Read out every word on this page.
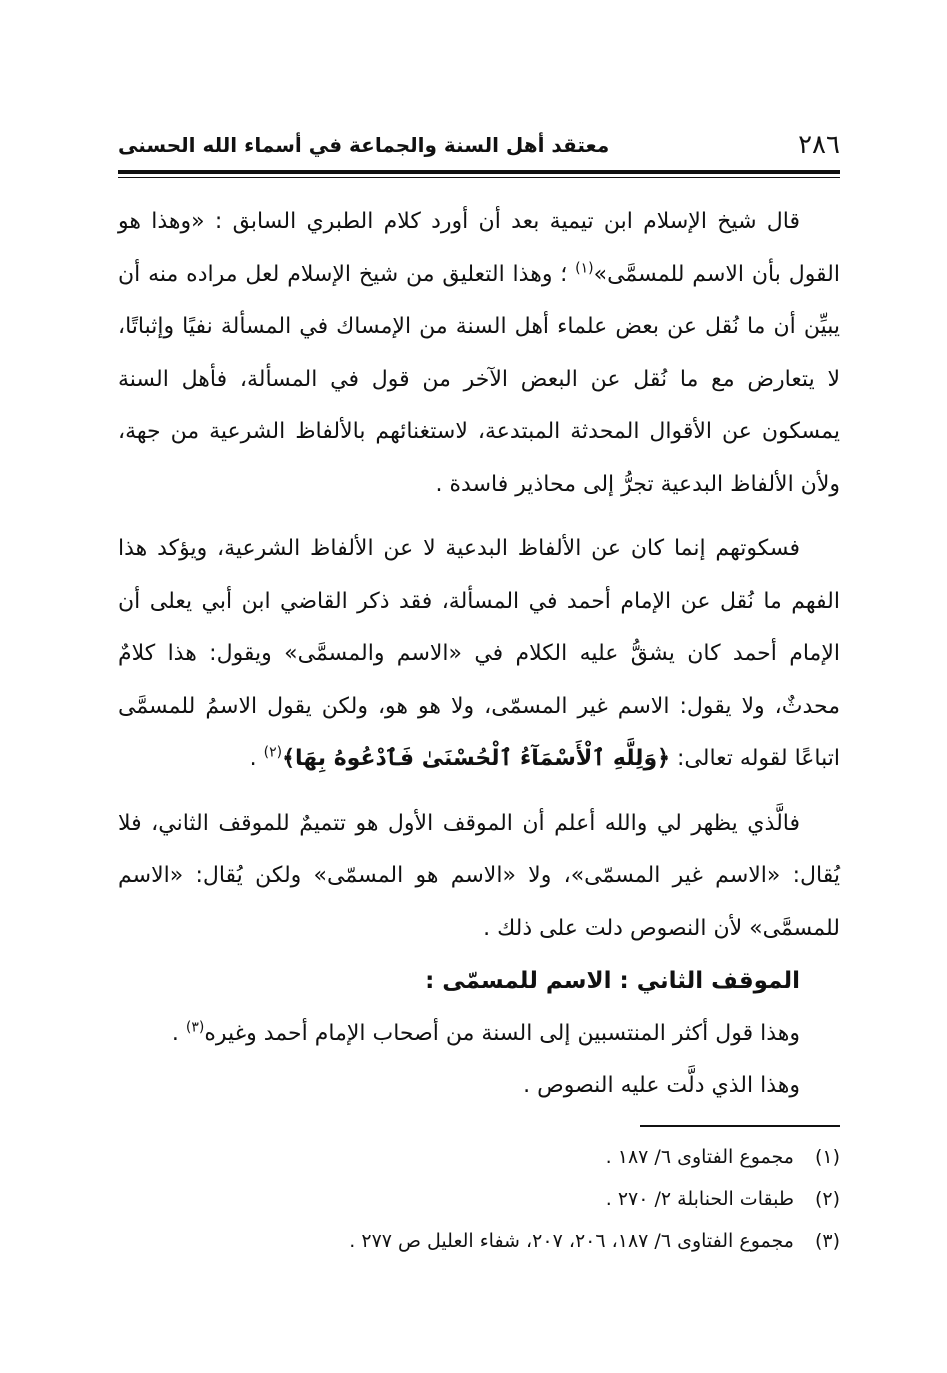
٢٨٦
معتقد أهل السنة والجماعة في أسماء الله الحسنى

قال شيخ الإسلام ابن تيمية بعد أن أورد كلام الطبري السابق : «وهذا هو القول بأن الاسم للمسمَّى»$^{(١)}$ ؛ وهذا التعليق من شيخ الإسلام لعل مراده منه أن يبيِّن أن ما نُقل عن بعض علماء أهل السنة من الإمساك في المسألة نفيًا وإثباتًا، لا يتعارض مع ما نُقل عن البعض الآخر من قول في المسألة، فأهل السنة يمسكون عن الأقوال المحدثة المبتدعة، لاستغنائهم بالألفاظ الشرعية من جهة، ولأن الألفاظ البدعية تجرُّ إلى محاذير فاسدة .

فسكوتهم إنما كان عن الألفاظ البدعية لا عن الألفاظ الشرعية، ويؤكد هذا الفهم ما نُقل عن الإمام أحمد في المسألة، فقد ذكر القاضي ابن أبي يعلى أن الإمام أحمد كان يشقُّ عليه الكلام في «الاسم والمسمَّى» ويقول: هذا كلامٌ محدثٌ، ولا يقول: الاسم غير المسمّى، ولا هو هو، ولكن يقول الاسمُ للمسمَّى اتباعًا لقوله تعالى: ﴿وَلِلَّهِ ٱلْأَسْمَآءُ ٱلْحُسْنَىٰ فَٱدْعُوهُ بِهَا﴾$^{(٢)}$ .

فالَّذي يظهر لي والله أعلم أن الموقف الأول هو تتميمٌ للموقف الثاني، فلا يُقال: «الاسم غير المسمّى»، ولا «الاسم هو المسمّى» ولكن يُقال: «الاسم للمسمَّى» لأن النصوص دلت على ذلك .

الموقف الثاني : الاسم للمسمّى :

وهذا قول أكثر المنتسبين إلى السنة من أصحاب الإمام أحمد وغيره$^{(٣)}$ .

وهذا الذي دلَّت عليه النصوص .

(١) مجموع الفتاوى ٦/ ١٨٧ .
(٢) طبقات الحنابلة ٢/ ٢٧٠ .
(٣) مجموع الفتاوى ٦/ ١٨٧، ٢٠٦، ٢٠٧، شفاء العليل ص ٢٧٧ .
